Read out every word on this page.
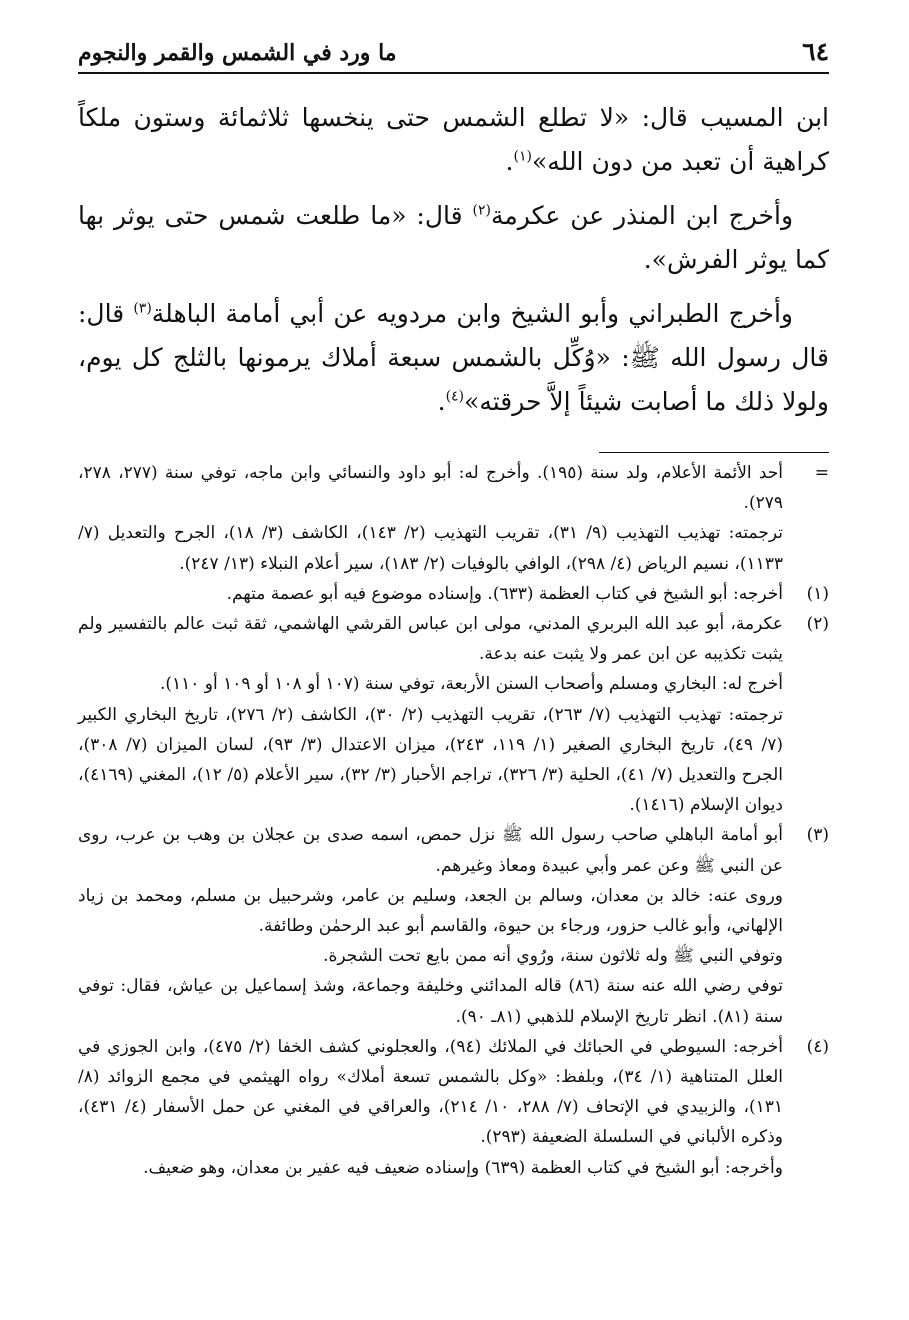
٦٤
ما ورد في الشمس والقمر والنجوم

ابن المسيب قال: «لا تطلع الشمس حتى ينخسها ثلاثمائة وستون ملكاً كراهية أن تعبد من دون الله»$^{(١)}$.

وأخرج ابن المنذر عن عكرمة$^{(٢)}$ قال: «ما طلعت شمس حتى يوثر بها كما يوثر الفرش».

وأخرج الطبراني وأبو الشيخ وابن مردويه عن أبي أمامة الباهلة$^{(٣)}$ قال: قال رسول الله ﷺ: «وُكِّل بالشمس سبعة أملاك يرمونها بالثلج كل يوم، ولولا ذلك ما أصابت شيئاً إلاَّ حرقته»$^{(٤)}$.

=
أحد الأئمة الأعلام، ولد سنة (١٩٥). وأخرج له: أبو داود والنسائي وابن ماجه، توفي سنة (٢٧٧، ٢٧٨، ٢٧٩).
ترجمته: تهذيب التهذيب (٩/ ٣١)، تقريب التهذيب (٢/ ١٤٣)، الكاشف (٣/ ١٨)، الجرح والتعديل (٧/ ١١٣٣)، نسيم الرياض (٤/ ٢٩٨)، الوافي بالوفيات (٢/ ١٨٣)، سير أعلام النبلاء (١٣/ ٢٤٧).
(١)
أخرجه: أبو الشيخ في كتاب العظمة (٦٣٣). وإسناده موضوع فيه أبو عصمة متهم.
(٢)
عكرمة، أبو عبد الله البربري المدني، مولى ابن عباس القرشي الهاشمي، ثقة ثبت عالم بالتفسير ولم يثبت تكذيبه عن ابن عمر ولا يثبت عنه بدعة.
أخرج له: البخاري ومسلم وأصحاب السنن الأربعة، توفي سنة (١٠٧ أو ١٠٨ أو ١٠٩ أو ١١٠).
ترجمته: تهذيب التهذيب (٧/ ٢٦٣)، تقريب التهذيب (٢/ ٣٠)، الكاشف (٢/ ٢٧٦)، تاريخ البخاري الكبير (٧/ ٤٩)، تاريخ البخاري الصغير (١/ ١١٩، ٢٤٣)، ميزان الاعتدال (٣/ ٩٣)، لسان الميزان (٧/ ٣٠٨)، الجرح والتعديل (٧/ ٤١)، الحلية (٣/ ٣٢٦)، تراجم الأحبار (٣/ ٣٢)، سير الأعلام (٥/ ١٢)، المغني (٤١٦٩)، ديوان الإسلام (١٤١٦).
(٣)
أبو أمامة الباهلي صاحب رسول الله ﷺ نزل حمص، اسمه صدى بن عجلان بن وهب بن عرب، روى عن النبي ﷺ وعن عمر وأبي عبيدة ومعاذ وغيرهم.
وروى عنه: خالد بن معدان، وسالم بن الجعد، وسليم بن عامر، وشرحبيل بن مسلم، ومحمد بن زياد الإلهاني، وأبو غالب حزور، ورجاء بن حيوة، والقاسم أبو عبد الرحمٰن وطائفة.
وتوفي النبي ﷺ وله ثلاثون سنة، ورُوي أنه ممن بايع تحت الشجرة.
توفي رضي الله عنه سنة (٨٦) قاله المدائني وخليفة وجماعة، وشذ إسماعيل بن عياش، فقال: توفي سنة (٨١). انظر تاريخ الإسلام للذهبي (٨١ـ ٩٠).
(٤)
أخرجه: السيوطي في الحبائك في الملائك (٩٤)، والعجلوني كشف الخفا (٢/ ٤٧٥)، وابن الجوزي في العلل المتناهية (١/ ٣٤)، وبلفظ: «وكل بالشمس تسعة أملاك» رواه الهيثمي في مجمع الزوائد (٨/ ١٣١)، والزبيدي في الإتحاف (٧/ ٢٨٨، ١٠/ ٢١٤)، والعراقي في المغني عن حمل الأسفار (٤/ ٤٣١)، وذكره الألباني في السلسلة الضعيفة (٢٩٣).
وأخرجه: أبو الشيخ في كتاب العظمة (٦٣٩) وإسناده ضعيف فيه عفير بن معدان، وهو ضعيف.
